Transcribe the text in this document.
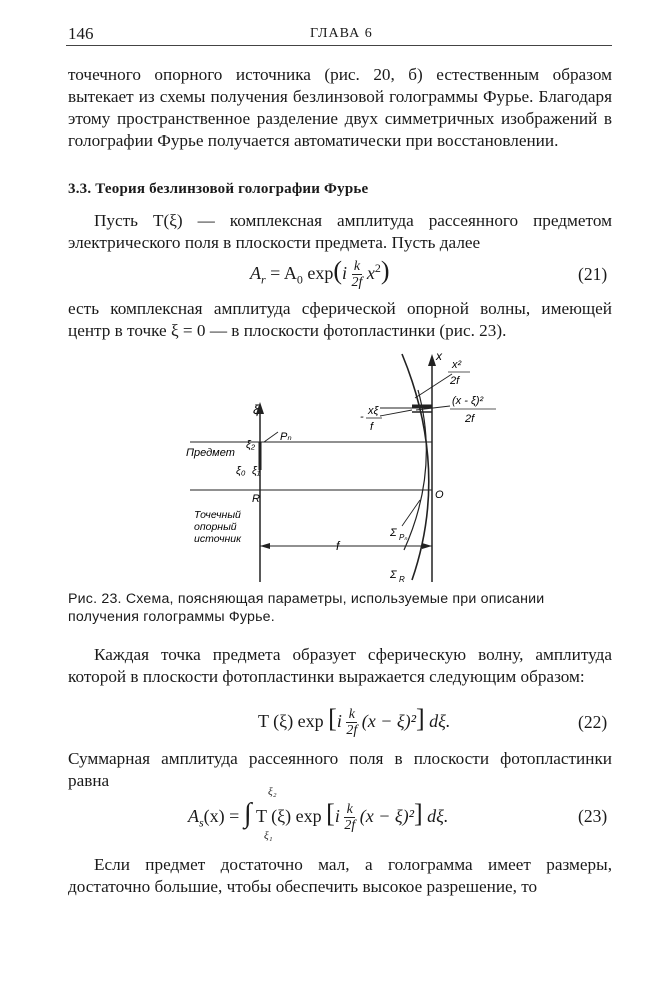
146	ГЛАВА 6
точечного опорного источника (рис. 20, б) естественным образом вытекает из схемы получения безлинзовой голограммы Фурье. Благодаря этому пространственное разделение двух симметричных изображений в голографии Фурье получается автоматически при восстановлении.
3.3. Теория безлинзовой голографии Фурье
Пусть T(ξ) — комплексная амплитуда рассеянного предметом электрического поля в плоскости предмета. Пусть далее
$A_r = A_0$ $\exp(i \frac{k}{2f} x^2)$	(21)
есть комплексная амплитуда сферической опорной волны, имеющей центр в точке ξ = 0 — в плоскости фотопластинки (рис. 23).
ξ
x
x²
2f
(x - ξ)²
2f
- xξ
f
Pₙ
ξ₂
ξ₀ ξ₁
R	O
Σ Pₙ
Σ R
f
Предмет
Точечный
опорный
источник
Рис. 23. Схема, поясняющая параметры, используемые при описании получения голограммы Фурье.
Каждая точка предмета образует сферическую волну, амплитуда которой в плоскости фотопластинки выражается следующим образом:
T (ξ) $\exp [i \frac{k}{2f} (x - \xi)^2]$ dξ.	(22)
Суммарная амплитуда рассеянного поля в плоскости фотопластинки равна
ξ₂
ξ₁
$A_s(x)$ = ∫ T (ξ) $\exp [i \frac{k}{2f} (x - \xi)^2]$ dξ.	(23)
Если предмет достаточно мал, а голограмма имеет размеры, достаточно большие, чтобы обеспечить высокое разрешение, то
